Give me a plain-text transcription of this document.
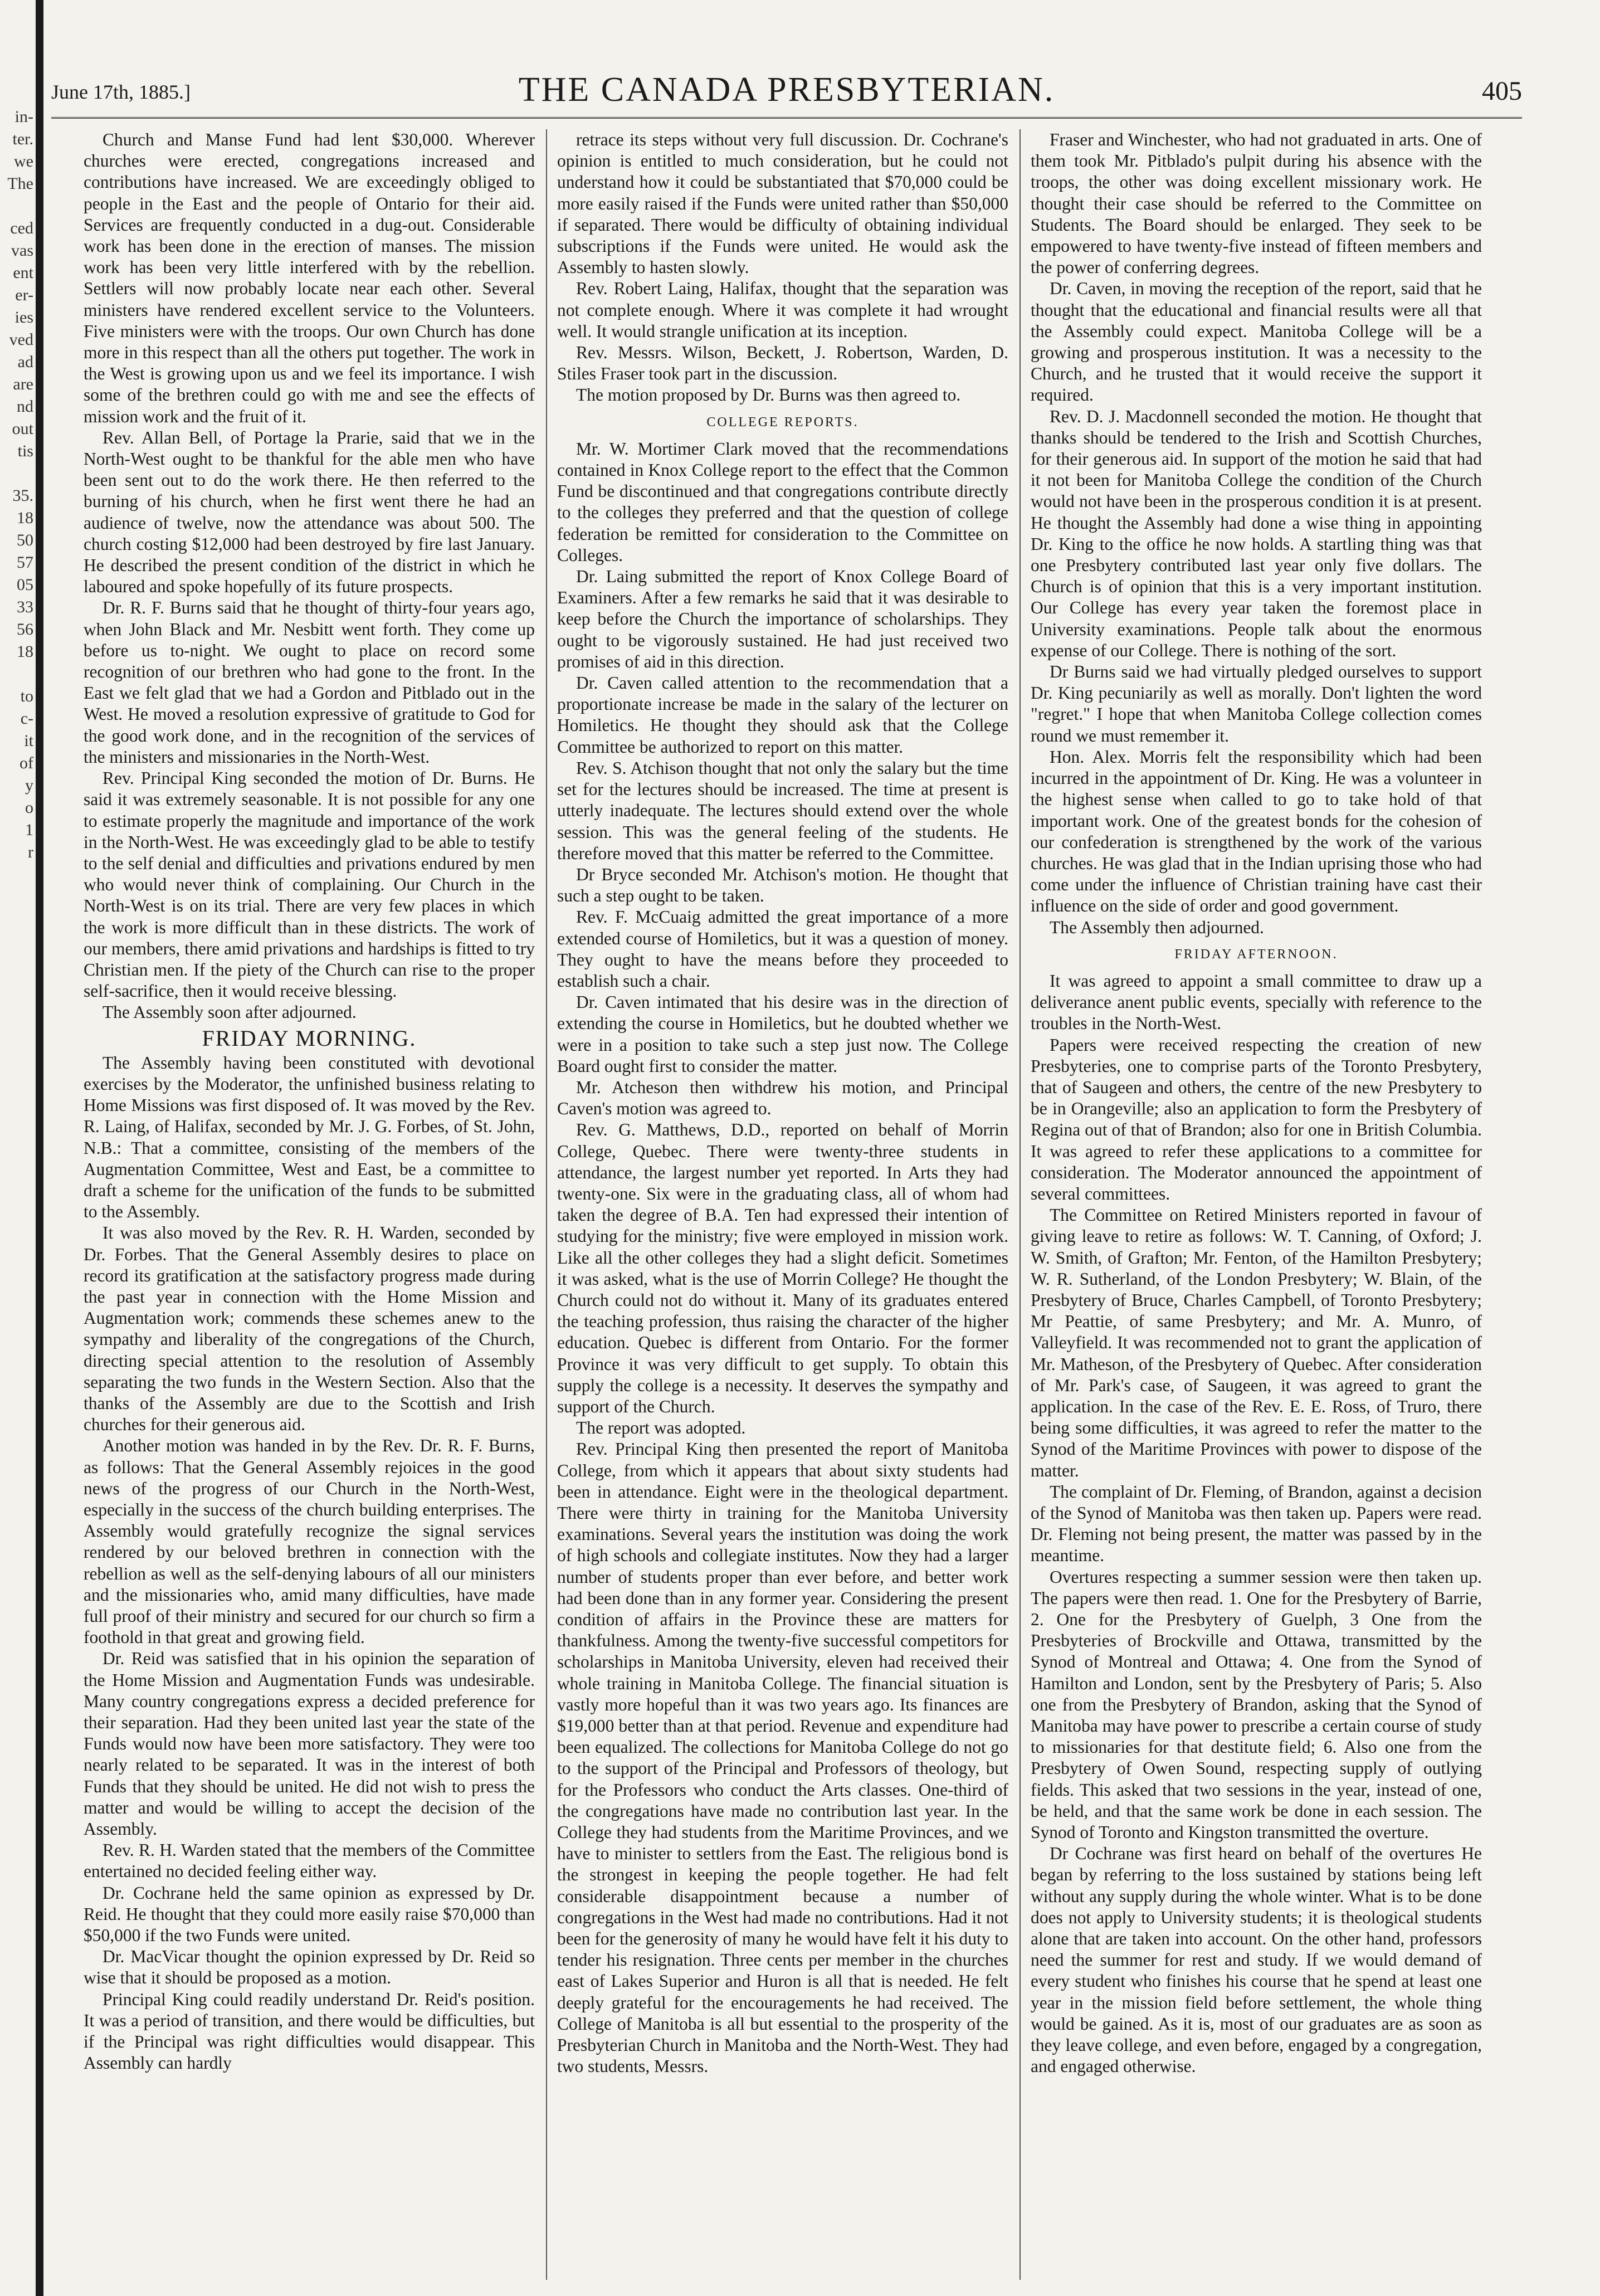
in-
ter.
we
The
ced
vas
ent
er-
ies
ved
ad
are
nd
out
tis
35.
18
50
57
05
33
56
18
to
c-
it
of
y
o
1
r
June 17th, 1885.]	THE CANADA PRESBYTERIAN.	405

Church and Manse Fund had lent $30,000. Wherever churches were erected, congregations increased and contributions have increased. We are exceedingly obliged to people in the East and the people of Ontario for their aid. Services are frequently conducted in a dug-out. Considerable work has been done in the erection of manses. The mission work has been very little interfered with by the rebellion. Settlers will now probably locate near each other. Several ministers have rendered excellent service to the Volunteers. Five ministers were with the troops. Our own Church has done more in this respect than all the others put together. The work in the West is growing upon us and we feel its importance. I wish some of the brethren could go with me and see the effects of mission work and the fruit of it.

Rev. Allan Bell, of Portage la Prarie, said that we in the North-West ought to be thankful for the able men who have been sent out to do the work there. He then referred to the burning of his church, when he first went there he had an audience of twelve, now the attendance was about 500. The church costing $12,000 had been destroyed by fire last January. He described the present condition of the district in which he laboured and spoke hopefully of its future prospects.

Dr. R. F. Burns said that he thought of thirty-four years ago, when John Black and Mr. Nesbitt went forth. They come up before us to-night. We ought to place on record some recognition of our brethren who had gone to the front. In the East we felt glad that we had a Gordon and Pitblado out in the West. He moved a resolution expressive of gratitude to God for the good work done, and in the recognition of the services of the ministers and missionaries in the North-West.

Rev. Principal King seconded the motion of Dr. Burns. He said it was extremely seasonable. It is not possible for any one to estimate properly the magnitude and importance of the work in the North-West. He was exceedingly glad to be able to testify to the self denial and difficulties and privations endured by men who would never think of complaining. Our Church in the North-West is on its trial. There are very few places in which the work is more difficult than in these districts. The work of our members, there amid privations and hardships is fitted to try Christian men. If the piety of the Church can rise to the proper self-sacrifice, then it would receive blessing.

The Assembly soon after adjourned.

FRIDAY MORNING.

The Assembly having been constituted with devotional exercises by the Moderator, the unfinished business relating to Home Missions was first disposed of. It was moved by the Rev. R. Laing, of Halifax, seconded by Mr. J. G. Forbes, of St. John, N.B.: That a committee, consisting of the members of the Augmentation Committee, West and East, be a committee to draft a scheme for the unification of the funds to be submitted to the Assembly.

It was also moved by the Rev. R. H. Warden, seconded by Dr. Forbes. That the General Assembly desires to place on record its gratification at the satisfactory progress made during the past year in connection with the Home Mission and Augmentation work; commends these schemes anew to the sympathy and liberality of the congregations of the Church, directing special attention to the resolution of Assembly separating the two funds in the Western Section. Also that the thanks of the Assembly are due to the Scottish and Irish churches for their generous aid.

Another motion was handed in by the Rev. Dr. R. F. Burns, as follows: That the General Assembly rejoices in the good news of the progress of our Church in the North-West, especially in the success of the church building enterprises. The Assembly would gratefully recognize the signal services rendered by our beloved brethren in connection with the rebellion as well as the self-denying labours of all our ministers and the missionaries who, amid many difficulties, have made full proof of their ministry and secured for our church so firm a foothold in that great and growing field.

Dr. Reid was satisfied that in his opinion the separation of the Home Mission and Augmentation Funds was undesirable. Many country congregations express a decided preference for their separation. Had they been united last year the state of the Funds would now have been more satisfactory. They were too nearly related to be separated. It was in the interest of both Funds that they should be united. He did not wish to press the matter and would be willing to accept the decision of the Assembly.

Rev. R. H. Warden stated that the members of the Committee entertained no decided feeling either way.

Dr. Cochrane held the same opinion as expressed by Dr. Reid. He thought that they could more easily raise $70,000 than $50,000 if the two Funds were united.

Dr. MacVicar thought the opinion expressed by Dr. Reid so wise that it should be proposed as a motion.

Principal King could readily understand Dr. Reid's position. It was a period of transition, and there would be difficulties, but if the Principal was right difficulties would disappear. This Assembly can hardly

retrace its steps without very full discussion. Dr. Cochrane's opinion is entitled to much consideration, but he could not understand how it could be substantiated that $70,000 could be more easily raised if the Funds were united rather than $50,000 if separated. There would be difficulty of obtaining individual subscriptions if the Funds were united. He would ask the Assembly to hasten slowly.

Rev. Robert Laing, Halifax, thought that the separation was not complete enough. Where it was complete it had wrought well. It would strangle unification at its inception.

Rev. Messrs. Wilson, Beckett, J. Robertson, Warden, D. Stiles Fraser took part in the discussion.

The motion proposed by Dr. Burns was then agreed to.

COLLEGE REPORTS.

Mr. W. Mortimer Clark moved that the recommendations contained in Knox College report to the effect that the Common Fund be discontinued and that congregations contribute directly to the colleges they preferred and that the question of college federation be remitted for consideration to the Committee on Colleges.

Dr. Laing submitted the report of Knox College Board of Examiners. After a few remarks he said that it was desirable to keep before the Church the importance of scholarships. They ought to be vigorously sustained. He had just received two promises of aid in this direction.

Dr. Caven called attention to the recommendation that a proportionate increase be made in the salary of the lecturer on Homiletics. He thought they should ask that the College Committee be authorized to report on this matter.

Rev. S. Atchison thought that not only the salary but the time set for the lectures should be increased. The time at present is utterly inadequate. The lectures should extend over the whole session. This was the general feeling of the students. He therefore moved that this matter be referred to the Committee.

Dr Bryce seconded Mr. Atchison's motion. He thought that such a step ought to be taken.

Rev. F. McCuaig admitted the great importance of a more extended course of Homiletics, but it was a question of money. They ought to have the means before they proceeded to establish such a chair.

Dr. Caven intimated that his desire was in the direction of extending the course in Homiletics, but he doubted whether we were in a position to take such a step just now. The College Board ought first to consider the matter.

Mr. Atcheson then withdrew his motion, and Principal Caven's motion was agreed to.

Rev. G. Matthews, D.D., reported on behalf of Morrin College, Quebec. There were twenty-three students in attendance, the largest number yet reported. In Arts they had twenty-one. Six were in the graduating class, all of whom had taken the degree of B.A. Ten had expressed their intention of studying for the ministry; five were employed in mission work. Like all the other colleges they had a slight deficit. Sometimes it was asked, what is the use of Morrin College? He thought the Church could not do without it. Many of its graduates entered the teaching profession, thus raising the character of the higher education. Quebec is different from Ontario. For the former Province it was very difficult to get supply. To obtain this supply the college is a necessity. It deserves the sympathy and support of the Church.

The report was adopted.

Rev. Principal King then presented the report of Manitoba College, from which it appears that about sixty students had been in attendance. Eight were in the theological department. There were thirty in training for the Manitoba University examinations. Several years the institution was doing the work of high schools and collegiate institutes. Now they had a larger number of students proper than ever before, and better work had been done than in any former year. Considering the present condition of affairs in the Province these are matters for thankfulness. Among the twenty-five successful competitors for scholarships in Manitoba University, eleven had received their whole training in Manitoba College. The financial situation is vastly more hopeful than it was two years ago. Its finances are $19,000 better than at that period. Revenue and expenditure had been equalized. The collections for Manitoba College do not go to the support of the Principal and Professors of theology, but for the Professors who conduct the Arts classes. One-third of the congregations have made no contribution last year. In the College they had students from the Maritime Provinces, and we have to minister to settlers from the East. The religious bond is the strongest in keeping the people together. He had felt considerable disappointment because a number of congregations in the West had made no contributions. Had it not been for the generosity of many he would have felt it his duty to tender his resignation. Three cents per member in the churches east of Lakes Superior and Huron is all that is needed. He felt deeply grateful for the encouragements he had received. The College of Manitoba is all but essential to the prosperity of the Presbyterian Church in Manitoba and the North-West. They had two students, Messrs.

Fraser and Winchester, who had not graduated in arts. One of them took Mr. Pitblado's pulpit during his absence with the troops, the other was doing excellent missionary work. He thought their case should be referred to the Committee on Students. The Board should be enlarged. They seek to be empowered to have twenty-five instead of fifteen members and the power of conferring degrees.

Dr. Caven, in moving the reception of the report, said that he thought that the educational and financial results were all that the Assembly could expect. Manitoba College will be a growing and prosperous institution. It was a necessity to the Church, and he trusted that it would receive the support it required.

Rev. D. J. Macdonnell seconded the motion. He thought that thanks should be tendered to the Irish and Scottish Churches, for their generous aid. In support of the motion he said that had it not been for Manitoba College the condition of the Church would not have been in the prosperous condition it is at present. He thought the Assembly had done a wise thing in appointing Dr. King to the office he now holds. A startling thing was that one Presbytery contributed last year only five dollars. The Church is of opinion that this is a very important institution. Our College has every year taken the foremost place in University examinations. People talk about the enormous expense of our College. There is nothing of the sort.

Dr Burns said we had virtually pledged ourselves to support Dr. King pecuniarily as well as morally. Don't lighten the word "regret." I hope that when Manitoba College collection comes round we must remember it.

Hon. Alex. Morris felt the responsibility which had been incurred in the appointment of Dr. King. He was a volunteer in the highest sense when called to go to take hold of that important work. One of the greatest bonds for the cohesion of our confederation is strengthened by the work of the various churches. He was glad that in the Indian uprising those who had come under the influence of Christian training have cast their influence on the side of order and good government.

The Assembly then adjourned.

FRIDAY AFTERNOON.

It was agreed to appoint a small committee to draw up a deliverance anent public events, specially with reference to the troubles in the North-West.

Papers were received respecting the creation of new Presbyteries, one to comprise parts of the Toronto Presbytery, that of Saugeen and others, the centre of the new Presbytery to be in Orangeville; also an application to form the Presbytery of Regina out of that of Brandon; also for one in British Columbia. It was agreed to refer these applications to a committee for consideration. The Moderator announced the appointment of several committees.

The Committee on Retired Ministers reported in favour of giving leave to retire as follows: W. T. Canning, of Oxford; J. W. Smith, of Grafton; Mr. Fenton, of the Hamilton Presbytery; W. R. Sutherland, of the London Presbytery; W. Blain, of the Presbytery of Bruce, Charles Campbell, of Toronto Presbytery; Mr Peattie, of same Presbytery; and Mr. A. Munro, of Valleyfield. It was recommended not to grant the application of Mr. Matheson, of the Presbytery of Quebec. After consideration of Mr. Park's case, of Saugeen, it was agreed to grant the application. In the case of the Rev. E. E. Ross, of Truro, there being some difficulties, it was agreed to refer the matter to the Synod of the Maritime Provinces with power to dispose of the matter.

The complaint of Dr. Fleming, of Brandon, against a decision of the Synod of Manitoba was then taken up. Papers were read. Dr. Fleming not being present, the matter was passed by in the meantime.

Overtures respecting a summer session were then taken up. The papers were then read. 1. One for the Presbytery of Barrie, 2. One for the Presbytery of Guelph, 3 One from the Presbyteries of Brockville and Ottawa, transmitted by the Synod of Montreal and Ottawa; 4. One from the Synod of Hamilton and London, sent by the Presbytery of Paris; 5. Also one from the Presbytery of Brandon, asking that the Synod of Manitoba may have power to prescribe a certain course of study to missionaries for that destitute field; 6. Also one from the Presbytery of Owen Sound, respecting supply of outlying fields. This asked that two sessions in the year, instead of one, be held, and that the same work be done in each session. The Synod of Toronto and Kingston transmitted the overture.

Dr Cochrane was first heard on behalf of the overtures He began by referring to the loss sustained by stations being left without any supply during the whole winter. What is to be done does not apply to University students; it is theological students alone that are taken into account. On the other hand, professors need the summer for rest and study. If we would demand of every student who finishes his course that he spend at least one year in the mission field before settlement, the whole thing would be gained. As it is, most of our graduates are as soon as they leave college, and even before, engaged by a congregation, and engaged otherwise.
